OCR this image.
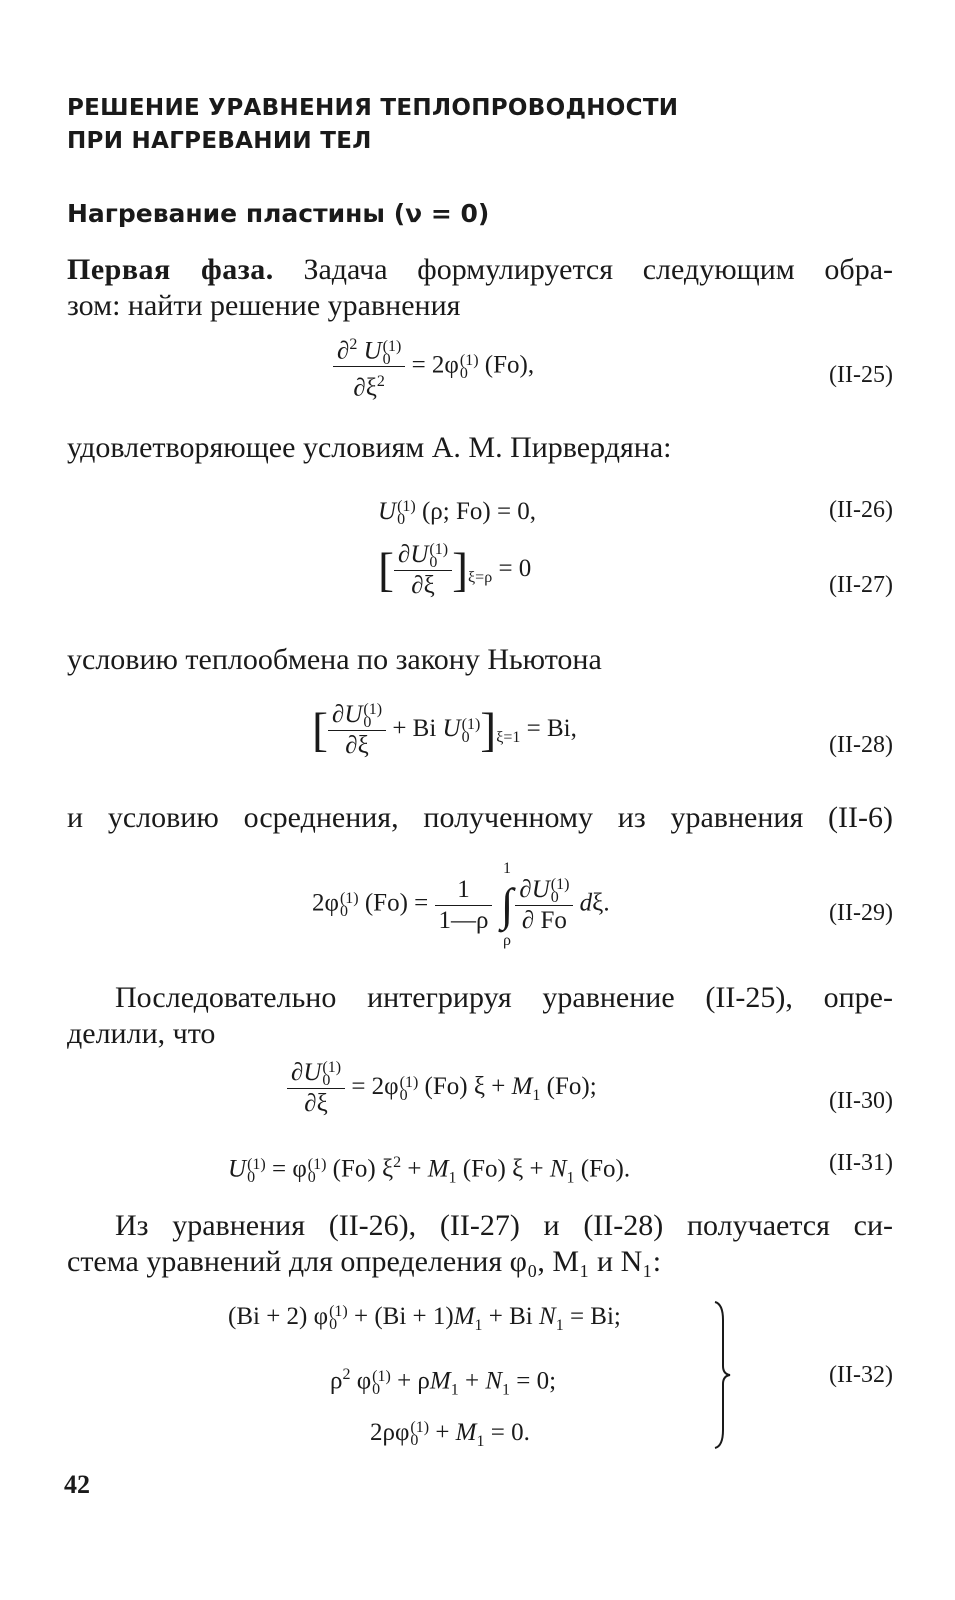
РЕШЕНИЕ УРАВНЕНИЯ ТЕПЛОПРОВОДНОСТИ
ПРИ НАГРЕВАНИИ ТЕЛ
Нагревание пластины (ν = 0)
Первая фаза. Задача формулируется следующим обра-
зом: найти решение уравнения
∂$^2$ U (1)
0
$\partial\xi^2 = 2\varphi$ (1)
0 (Fo),	(II-25)
удовлетворяющее условиям А. М. Пирвердяна:
U (1)
0 (ρ; Fo) = 0,	(II-26)
[ ∂U (1)
0
∂ξ ]$_{\xi=\rho} = 0$
(II-27)
условию теплообмена по закону Ньютона
[ ∂U (1)
0
∂ξ + Bi U (1)
0 ]$_{\xi=1} = Bi$,
(II-28)
и условию осреднения, полученному из уравнения (II-6)
2φ (1)
0 $(Fo) = \frac{1}{1—\rho}$
1
∫
ρ
∂U (1)
0
∂ Fo dξ.	(II-29)
Последовательно интегрируя уравнение (II-25), опре-
делили, что
∂U (1)
0
∂ξ = 2φ (1)
0 (Fo) $\xi + M_1$ (Fo);
(II-30)
U (1)
0 = φ (1)
0 (Fo) $\xi^2 + M_1$ (Fo) $\xi + N_1$ (Fo).	(II-31)
Из уравнения (II-26), (II-27) и (II-28) получается си-
стема уравнений для определения φ₀, M₁ и N₁:
(Bi + 2) φ (1)
$0 + (Bi + 1)M_1 + Bi$ $N_1 = Bi$;
$\rho^2$ φ (1)
$0 + \rho M_1 + N_1 = 0$;
2ρφ (1)
$0 + M_1 = 0$.
(II-32)
42
